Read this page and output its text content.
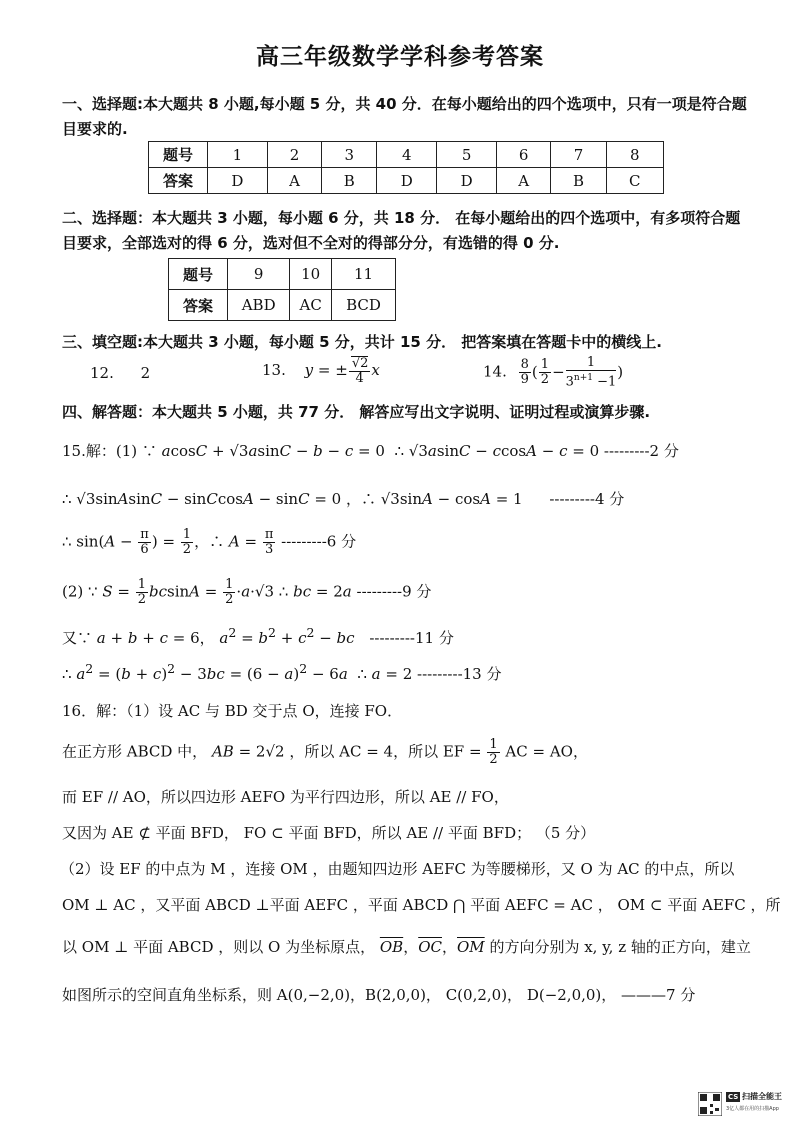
高三年级数学学科参考答案
一、选择题:本大题共 8 小题,每小题 5 分，共 40 分．在每小题给出的四个选项中，只有一项是符合题目要求的.
题号	1	2	3	4	5	6	7	8
答案	D	A	B	D	D	A	B	C
二、选择题：本大题共 3 小题，每小题 6 分，共 18 分． 在每小题给出的四个选项中，有多项符合题目要求，全部选对的得 6 分，选对但不全对的得部分分，有选错的得 0 分.
题号	9	10	11
答案	ABD	AC	BCD
三、填空题:本大题共 3 小题，每小题 5 分，共计 15 分． 把答案填在答题卡中的横线上.
12. 2	13. y = ± $\frac{√2}{4}$ x	14. $\frac{8}{9}$ ( $\frac{1}{2} - \frac{1}{3^{n+1} -1}$ )
四、解答题：本大题共 5 小题，共 77 分． 解答应写出文字说明、证明过程或演算步骤.
15.解：(1) ∵ acosC + √3asinC − b − c = 0  ∴ √3asinC − ccosA − c = 0 ---------2 分
∴ √3sinAsinC − sinCcosA − sinC = 0 ，∴ √3sinA − cosA = 1 ---------4 分
∴ $\sin(A - \frac{\pi}{6}$ ) = $\frac{1}{2}$ ，∴ $A = \frac{\pi}{3} ---------6$ 分
(2) ∵ $S = \frac{1}{2}$ $bcsinA = \frac{1}{2} \cdot a\cdot√3$ ∴ bc = 2a ---------9 分
又∵ a + b + c = 6， $a^2 = b^2 + c^2$ − bc ---------11 分
∴ $a^2 = (b + c)^2 - 3bc = (6 - a)^2 - 6a$  ∴ a = 2 ---------13 分
16．解：（1）设 AC 与 BD 交于点 O，连接 FO．
在正方形 ABCD 中， AB = 2√2 ，所以 AC = 4，所以 EF = $\frac{1}{2}$ AC = AO，
而 EF // AO，所以四边形 AEFO 为平行四边形，所以 AE // FO，
又因为 AE ⊄ 平面 BFD， FO ⊂ 平面 BFD，所以 AE // 平面 BFD； （5 分）
（2）设 EF 的中点为 M ，连接 OM ，由题知四边形 AEFC 为等腰梯形，又 O 为 AC 的中点，所以
OM ⊥ AC ，又平面 ABCD ⊥平面 AEFC ，平面 ABCD ⋂ 平面 AEFC = AC ， OM ⊂ 平面 AEFC ，所
以 OM ⊥ 平面 ABCD ，则以 O 为坐标原点， $\overline{OB}$，$\overline{OC}$，$\overline{OM}$ 的方向分别为 x, y, z 轴的正方向，建立
如图所示的空间直角坐标系，则 A(0,−2,0)，B(2,0,0)， C(0,2,0)， D(−2,0,0)， ———7 分
CS 扫描全能王
3亿人都在用的扫描App
